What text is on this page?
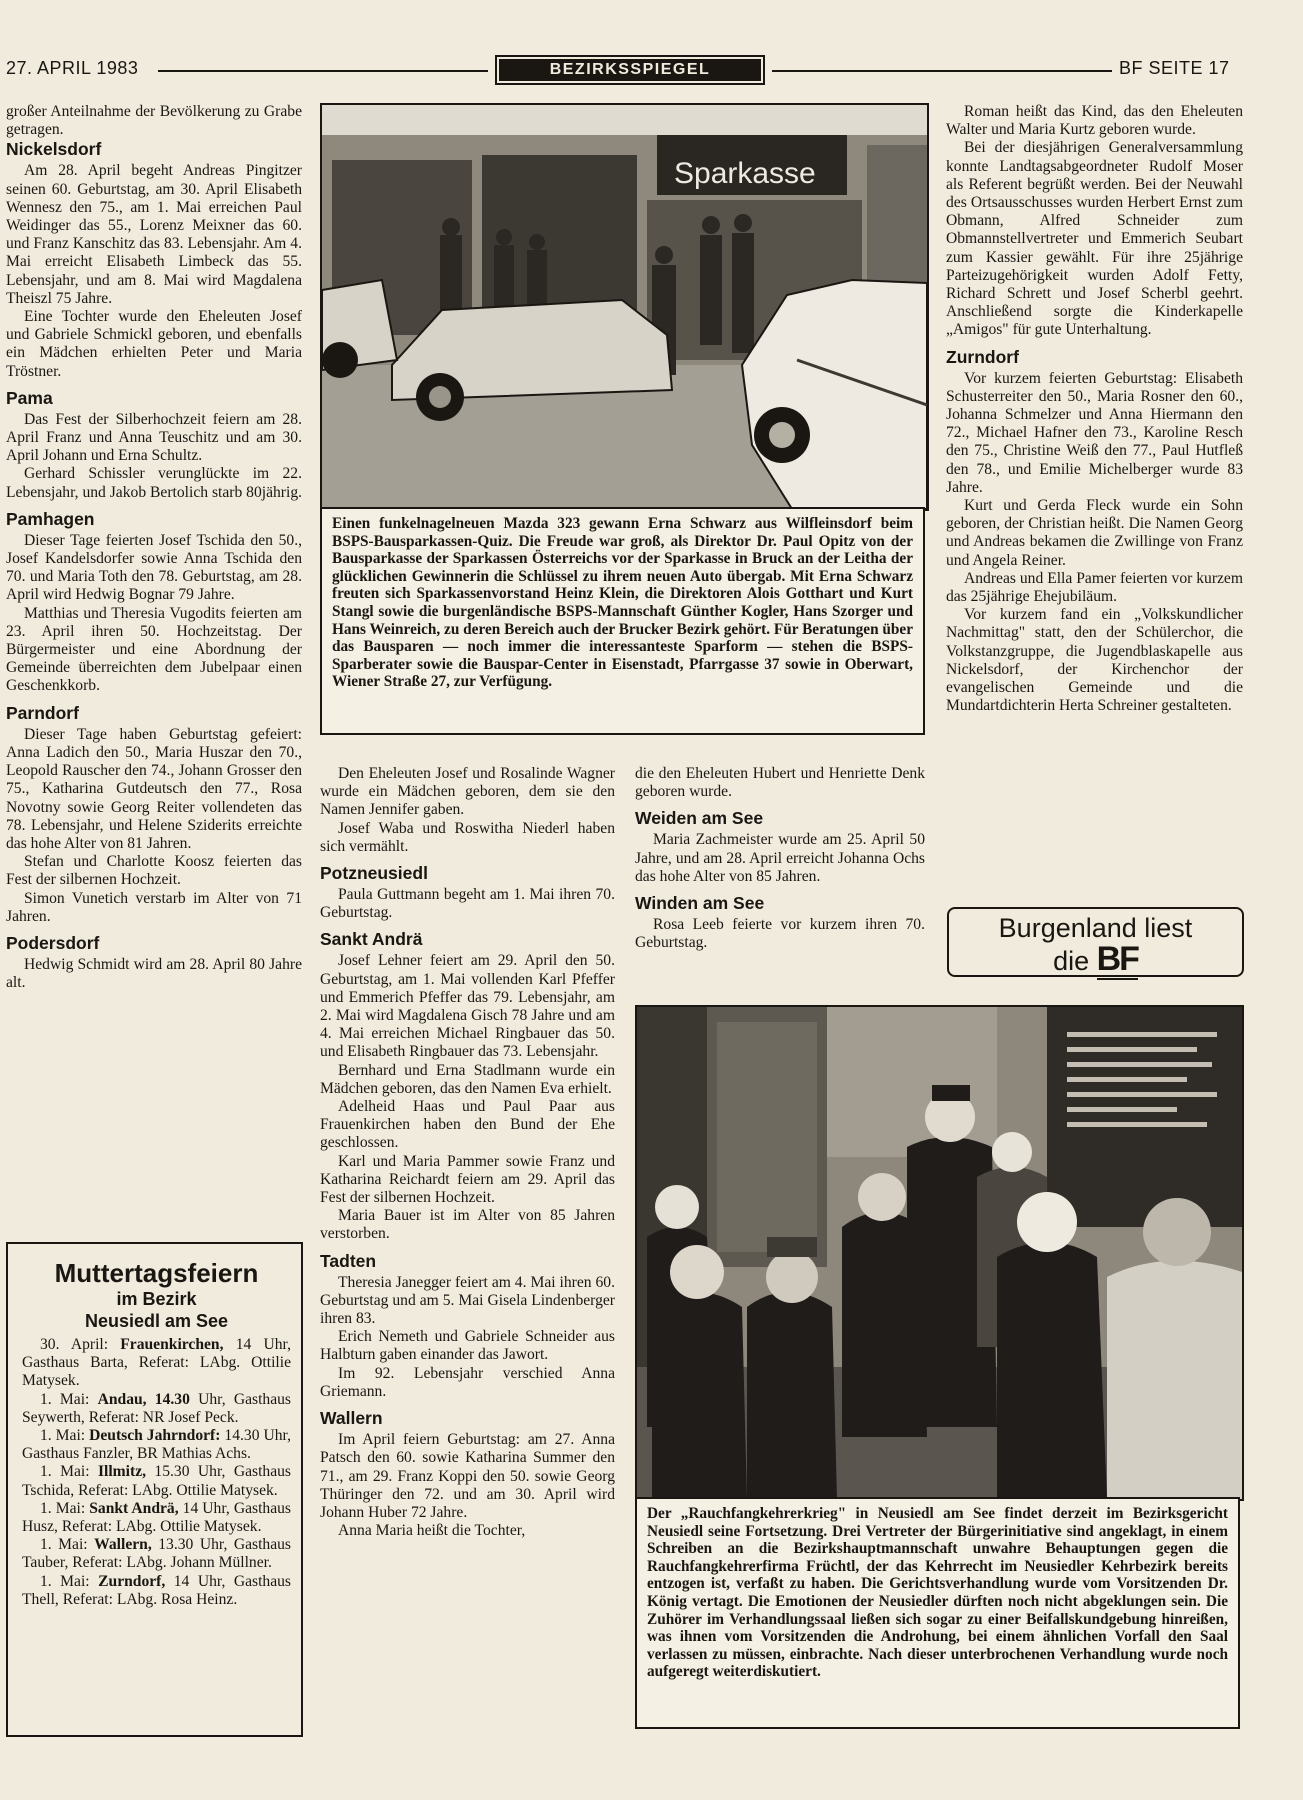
27. APRIL 1983	BEZIRKSSPIEGEL	BF SEITE 17

großer Anteilnahme der Bevölkerung zu Grabe getragen.

Nickelsdorf

Am 28. April begeht Andreas Pingitzer seinen 60. Geburtstag, am 30. April Elisabeth Wennesz den 75., am 1. Mai erreichen Paul Weidinger das 55., Lorenz Meixner das 60. und Franz Kanschitz das 83. Lebensjahr. Am 4. Mai erreicht Elisabeth Limbeck das 55. Lebensjahr, und am 8. Mai wird Magdalena Theiszl 75 Jahre.

Eine Tochter wurde den Eheleuten Josef und Gabriele Schmickl geboren, und ebenfalls ein Mädchen erhielten Peter und Maria Tröstner.

Pama

Das Fest der Silberhochzeit feiern am 28. April Franz und Anna Teuschitz und am 30. April Johann und Erna Schultz.

Gerhard Schissler verunglückte im 22. Lebensjahr, und Jakob Bertolich starb 80jährig.

Pamhagen

Dieser Tage feierten Josef Tschida den 50., Josef Kandelsdorfer sowie Anna Tschida den 70. und Maria Toth den 78. Geburtstag, am 28. April wird Hedwig Bognar 79 Jahre.

Matthias und Theresia Vugodits feierten am 23. April ihren 50. Hochzeitstag. Der Bürgermeister und eine Abordnung der Gemeinde überreichten dem Jubelpaar einen Geschenkkorb.

Parndorf

Dieser Tage haben Geburtstag gefeiert: Anna Ladich den 50., Maria Huszar den 70., Leopold Rauscher den 74., Johann Grosser den 75., Katharina Gutdeutsch den 77., Rosa Novotny sowie Georg Reiter vollendeten das 78. Lebensjahr, und Helene Sziderits erreichte das hohe Alter von 81 Jahren.

Stefan und Charlotte Koosz feierten das Fest der silbernen Hochzeit.

Simon Vunetich verstarb im Alter von 71 Jahren.

Podersdorf

Hedwig Schmidt wird am 28. April 80 Jahre alt.

Muttertagsfeiern
im Bezirk
Neusiedl am See

30. April: Frauenkirchen, 14 Uhr, Gasthaus Barta, Referat: LAbg. Ottilie Matysek.

1. Mai: Andau, 14.30 Uhr, Gasthaus Seywerth, Referat: NR Josef Peck.

1. Mai: Deutsch Jahrndorf: 14.30 Uhr, Gasthaus Fanzler, BR Mathias Achs.

1. Mai: Illmitz, 15.30 Uhr, Gasthaus Tschida, Referat: LAbg. Ottilie Matysek.

1. Mai: Sankt Andrä, 14 Uhr, Gasthaus Husz, Referat: LAbg. Ottilie Matysek.

1. Mai: Wallern, 13.30 Uhr, Gasthaus Tauber, Referat: LAbg. Johann Müllner.

1. Mai: Zurndorf, 14 Uhr, Gasthaus Thell, Referat: LAbg. Rosa Heinz.

Sparkasse
Einen funkelnagelneuen Mazda 323 gewann Erna Schwarz aus Wilfleinsdorf beim BSPS-Bausparkassen-Quiz. Die Freude war groß, als Direktor Dr. Paul Opitz von der Bausparkasse der Sparkassen Österreichs vor der Sparkasse in Bruck an der Leitha der glücklichen Gewinnerin die Schlüssel zu ihrem neuen Auto übergab. Mit Erna Schwarz freuten sich Sparkassenvorstand Heinz Klein, die Direktoren Alois Gotthart und Kurt Stangl sowie die burgenländische BSPS-Mannschaft Günther Kogler, Hans Szorger und Hans Weinreich, zu deren Bereich auch der Brucker Bezirk gehört. Für Beratungen über das Bausparen — noch immer die interessanteste Sparform — stehen die BSPS-Sparberater sowie die Bauspar-Center in Eisenstadt, Pfarrgasse 37 sowie in Oberwart, Wiener Straße 27, zur Verfügung.

Den Eheleuten Josef und Rosalinde Wagner wurde ein Mädchen geboren, dem sie den Namen Jennifer gaben.

Josef Waba und Roswitha Niederl haben sich vermählt.

Potzneusiedl

Paula Guttmann begeht am 1. Mai ihren 70. Geburtstag.

Sankt Andrä

Josef Lehner feiert am 29. April den 50. Geburtstag, am 1. Mai vollenden Karl Pfeffer und Emmerich Pfeffer das 79. Lebensjahr, am 2. Mai wird Magdalena Gisch 78 Jahre und am 4. Mai erreichen Michael Ringbauer das 50. und Elisabeth Ringbauer das 73. Lebensjahr.

Bernhard und Erna Stadlmann wurde ein Mädchen geboren, das den Namen Eva erhielt.

Adelheid Haas und Paul Paar aus Frauenkirchen haben den Bund der Ehe geschlossen.

Karl und Maria Pammer sowie Franz und Katharina Reichardt feiern am 29. April das Fest der silbernen Hochzeit.

Maria Bauer ist im Alter von 85 Jahren verstorben.

Tadten

Theresia Janegger feiert am 4. Mai ihren 60. Geburtstag und am 5. Mai Gisela Lindenberger ihren 83.

Erich Nemeth und Gabriele Schneider aus Halbturn gaben einander das Jawort.

Im 92. Lebensjahr verschied Anna Griemann.

Wallern

Im April feiern Geburtstag: am 27. Anna Patsch den 60. sowie Katharina Summer den 71., am 29. Franz Koppi den 50. sowie Georg Thüringer den 72. und am 30. April wird Johann Huber 72 Jahre.

Anna Maria heißt die Tochter,

die den Eheleuten Hubert und Henriette Denk geboren wurde.

Weiden am See

Maria Zachmeister wurde am 25. April 50 Jahre, und am 28. April erreicht Johanna Ochs das hohe Alter von 85 Jahren.

Winden am See

Rosa Leeb feierte vor kurzem ihren 70. Geburtstag.

Roman heißt das Kind, das den Eheleuten Walter und Maria Kurtz geboren wurde.

Bei der diesjährigen Generalversammlung konnte Landtagsabgeordneter Rudolf Moser als Referent begrüßt werden. Bei der Neuwahl des Ortsausschusses wurden Herbert Ernst zum Obmann, Alfred Schneider zum Obmannstellvertreter und Emmerich Seubart zum Kassier gewählt. Für ihre 25jährige Parteizugehörigkeit wurden Adolf Fetty, Richard Schrett und Josef Scherbl geehrt. Anschließend sorgte die Kinderkapelle „Amigos" für gute Unterhaltung.

Zurndorf

Vor kurzem feierten Geburtstag: Elisabeth Schusterreiter den 50., Maria Rosner den 60., Johanna Schmelzer und Anna Hiermann den 72., Michael Hafner den 73., Karoline Resch den 75., Christine Weiß den 77., Paul Hutfleß den 78., und Emilie Michelberger wurde 83 Jahre.

Kurt und Gerda Fleck wurde ein Sohn geboren, der Christian heißt. Die Namen Georg und Andreas bekamen die Zwillinge von Franz und Angela Reiner.

Andreas und Ella Pamer feierten vor kurzem das 25jährige Ehejubiläum.

Vor kurzem fand ein „Volkskundlicher Nachmittag" statt, den der Schülerchor, die Volkstanzgruppe, die Jugendblaskapelle aus Nickelsdorf, der Kirchenchor der evangelischen Gemeinde und die Mundartdichterin Herta Schreiner gestalteten.

Burgenland liest
die BF
Der „Rauchfangkehrerkrieg" in Neusiedl am See findet derzeit im Bezirksgericht Neusiedl seine Fortsetzung. Drei Vertreter der Bürgerinitiative sind angeklagt, in einem Schreiben an die Bezirkshauptmannschaft unwahre Behauptungen gegen die Rauchfangkehrerfirma Früchtl, der das Kehrrecht im Neusiedler Kehrbezirk bereits entzogen ist, verfaßt zu haben. Die Gerichtsverhandlung wurde vom Vorsitzenden Dr. König vertagt. Die Emotionen der Neusiedler dürften noch nicht abgeklungen sein. Die Zuhörer im Verhandlungssaal ließen sich sogar zu einer Beifallskundgebung hinreißen, was ihnen vom Vorsitzenden die Androhung, bei einem ähnlichen Vorfall den Saal verlassen zu müssen, einbrachte. Nach dieser unterbrochenen Verhandlung wurde noch aufgeregt weiterdiskutiert.
